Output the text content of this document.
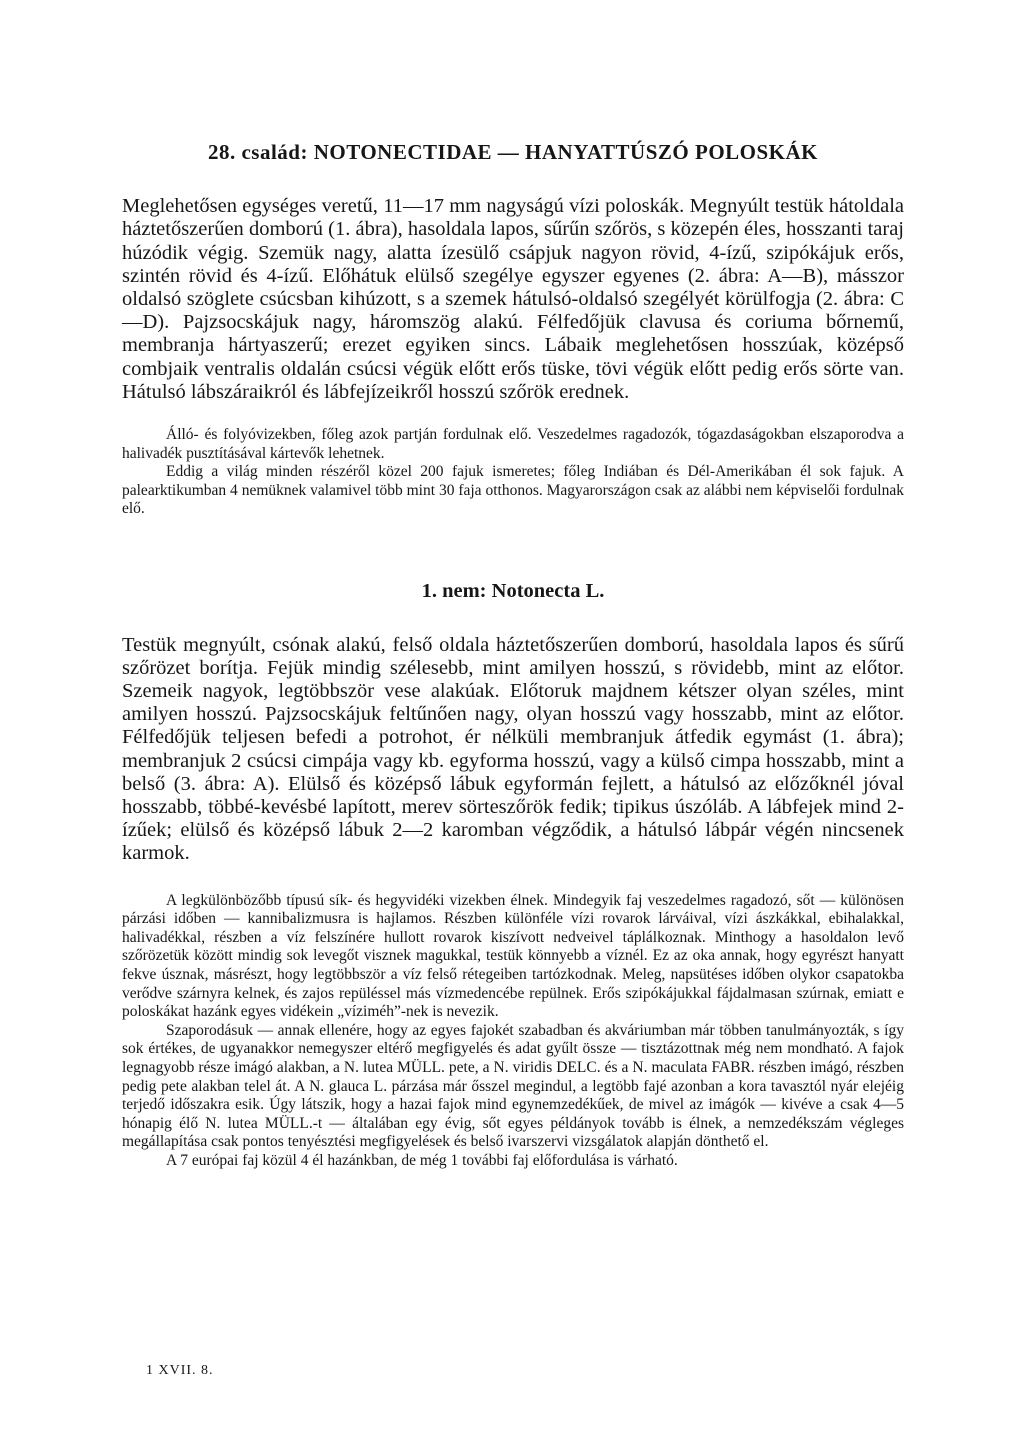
28. család: NOTONECTIDAE — HANYATTÚSZÓ POLOSKÁK

Meglehetősen egységes veretű, 11—17 mm nagyságú vízi poloskák. Megnyúlt testük hátoldala háztetőszerűen domború (1. ábra), hasoldala lapos, sűrűn szőrös, s közepén éles, hosszanti taraj húzódik végig. Szemük nagy, alatta ízesülő csápjuk nagyon rövid, 4-ízű, szipókájuk erős, szintén rövid és 4-ízű. Előhátuk elülső szegélye egyszer egyenes (2. ábra: A—B), másszor oldalsó szöglete csúcsban kihúzott, s a szemek hátulsó-oldalsó szegélyét körülfogja (2. ábra: C—D). Pajzsocskájuk nagy, háromszög alakú. Félfedőjük clavusa és coriuma bőrnemű, membranja hártyaszerű; erezet egyiken sincs. Lábaik meglehetősen hosszúak, középső combjaik ventralis oldalán csúcsi végük előtt erős tüske, tövi végük előtt pedig erős sörte van. Hátulsó lábszáraikról és lábfejízeikről hosszú szőrök erednek.

Álló- és folyóvizekben, főleg azok partján fordulnak elő. Veszedelmes ragadozók, tógazdaságokban elszaporodva a halivadék pusztításával kártevők lehetnek.

Eddig a világ minden részéről közel 200 fajuk ismeretes; főleg Indiában és Dél-Amerikában él sok fajuk. A palearktikumban 4 nemüknek valamivel több mint 30 faja otthonos. Magyarországon csak az alábbi nem képviselői fordulnak elő.

1. nem: Notonecta L.

Testük megnyúlt, csónak alakú, felső oldala háztetőszerűen domború, hasoldala lapos és sűrű szőrözet borítja. Fejük mindig szélesebb, mint amilyen hosszú, s rövidebb, mint az előtor. Szemeik nagyok, legtöbbször vese alakúak. Előtoruk majdnem kétszer olyan széles, mint amilyen hosszú. Pajzsocskájuk feltűnően nagy, olyan hosszú vagy hosszabb, mint az előtor. Félfedőjük teljesen befedi a potrohot, ér nélküli membranjuk átfedik egymást (1. ábra); membranjuk 2 csúcsi cimpája vagy kb. egyforma hosszú, vagy a külső cimpa hosszabb, mint a belső (3. ábra: A). Elülső és középső lábuk egyformán fejlett, a hátulsó az előzőknél jóval hosszabb, többé-kevésbé lapított, merev sörteszőrök fedik; tipikus úszóláb. A lábfejek mind 2-ízűek; elülső és középső lábuk 2—2 karomban végződik, a hátulsó lábpár végén nincsenek karmok.

A legkülönbözőbb típusú sík- és hegyvidéki vizekben élnek. Mindegyik faj veszedelmes ragadozó, sőt — különösen párzási időben — kannibalizmusra is hajlamos. Részben különféle vízi rovarok lárváival, vízi ászkákkal, ebihalakkal, halivadékkal, részben a víz felszínére hullott rovarok kiszívott nedveivel táplálkoznak. Minthogy a hasoldalon levő szőrözetük között mindig sok levegőt visznek magukkal, testük könnyebb a víznél. Ez az oka annak, hogy egyrészt hanyatt fekve úsznak, másrészt, hogy legtöbbször a víz felső rétegeiben tartózkodnak. Meleg, napsütéses időben olykor csapatokba verődve szárnyra kelnek, és zajos repüléssel más vízmedencébe repülnek. Erős szipókájukkal fájdalmasan szúrnak, emiatt e poloskákat hazánk egyes vidékein „víziméh”-nek is nevezik.

Szaporodásuk — annak ellenére, hogy az egyes fajokét szabadban és akváriumban már többen tanulmányozták, s így sok értékes, de ugyanakkor nemegyszer eltérő megfigyelés és adat gyűlt össze — tisztázottnak még nem mondható. A fajok legnagyobb része imágó alakban, a N. lutea MÜLL. pete, a N. viridis DELC. és a N. maculata FABR. részben imágó, részben pedig pete alakban telel át. A N. glauca L. párzása már ősszel megindul, a legtöbb fajé azonban a kora tavasztól nyár elejéig terjedő időszakra esik. Úgy látszik, hogy a hazai fajok mind egynemzedékűek, de mivel az imágók — kivéve a csak 4—5 hónapig élő N. lutea MÜLL.-t — általában egy évig, sőt egyes példányok tovább is élnek, a nemzedékszám végleges megállapítása csak pontos tenyésztési megfigyelések és belső ivarszervi vizsgálatok alapján dönthető el.

A 7 európai faj közül 4 él hazánkban, de még 1 további faj előfordulása is várható.

1 XVII. 8.
